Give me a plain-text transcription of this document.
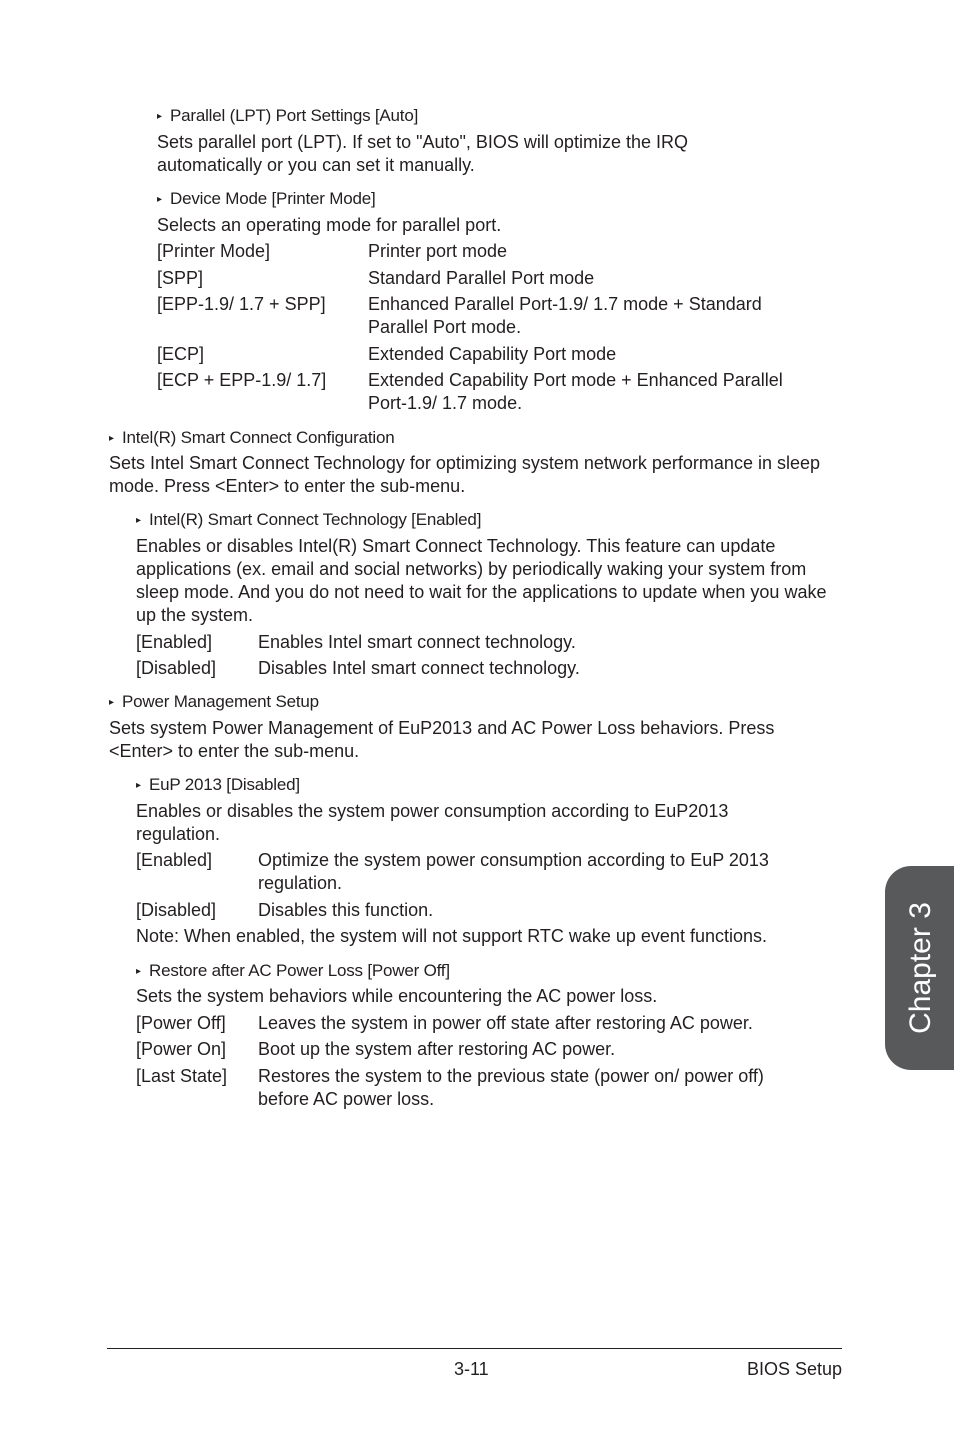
▸ Parallel (LPT) Port Settings [Auto]

Sets parallel port (LPT). If set to "Auto", BIOS will optimize the IRQ automatically or you can set it manually.

▸ Device Mode [Printer Mode]

Selects an operating mode for parallel port.

[Printer Mode]	Printer port mode
[SPP]	Standard Parallel Port mode
[EPP-1.9/ 1.7 + SPP] Enhanced Parallel Port-1.9/ 1.7 mode + Standard Parallel Port mode.
[ECP]	Extended Capability Port mode
[ECP + EPP-1.9/ 1.7] Extended Capability Port mode + Enhanced Parallel Port-1.9/ 1.7 mode.
▸ Intel(R) Smart Connect Configuration

Sets Intel Smart Connect Technology for optimizing system network performance in sleep mode. Press <Enter> to enter the sub-menu.

▸ Intel(R) Smart Connect Technology [Enabled]

Enables or disables Intel(R) Smart Connect Technology. This feature can update applications (ex. email and social networks) by periodically waking your system from sleep mode. And you do not need to wait for the applications to update when you wake up the system.

[Enabled]	Enables Intel smart connect technology.
[Disabled] Disables Intel smart connect technology.
▸ Power Management Setup

Sets system Power Management of EuP2013 and AC Power Loss behaviors. Press <Enter> to enter the sub-menu.

▸ EuP 2013 [Disabled]

Enables or disables the system power consumption according to EuP2013 regulation.

[Enabled]	Optimize the system power consumption according to EuP 2013 regulation.
[Disabled] Disables this function.

Note: When enabled, the system will not support RTC wake up event functions.

▸ Restore after AC Power Loss [Power Off]

Sets the system behaviors while encountering the AC power loss.

[Power Off] Leaves the system in power off state after restoring AC power.
[Power On] Boot up the system after restoring AC power.
[Last State] Restores the system to the previous state (power on/ power off) before AC power loss.
3-11	BIOS Setup
Chapter 3
